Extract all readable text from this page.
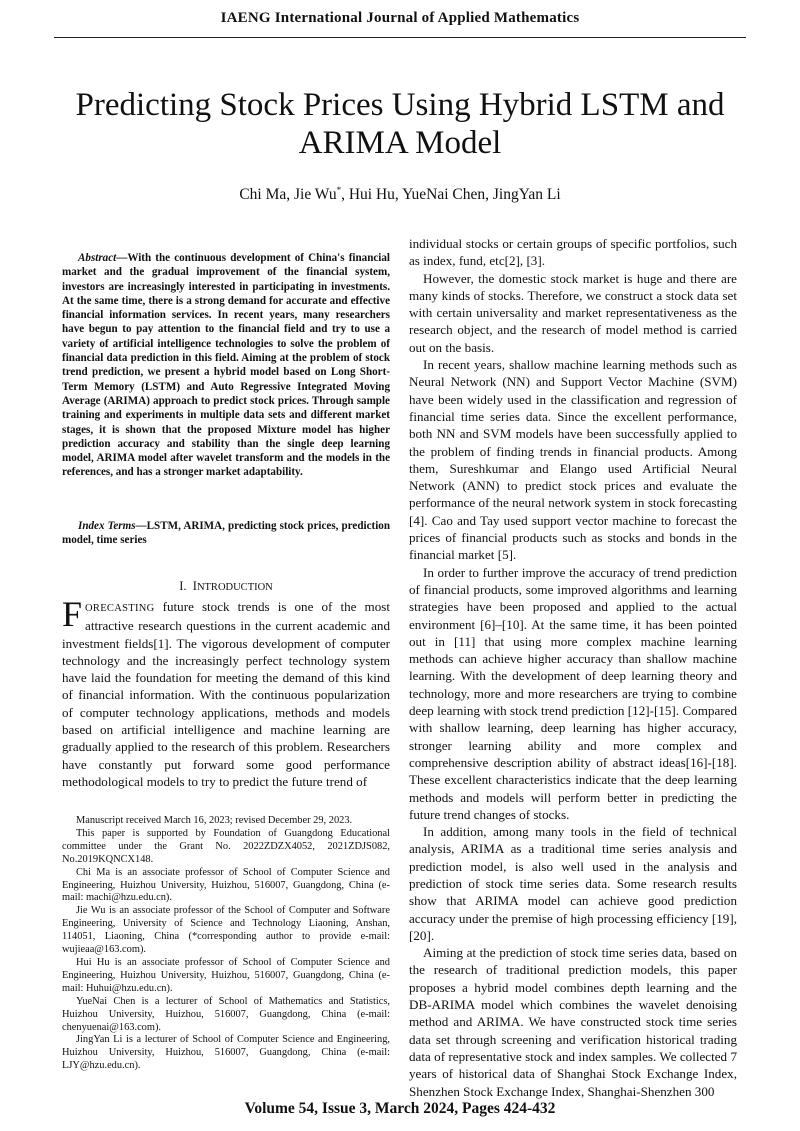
IAENG International Journal of Applied Mathematics
Predicting Stock Prices Using Hybrid LSTM and ARIMA Model
Chi Ma, Jie Wu*, Hui Hu, YueNai Chen, JingYan Li
Abstract—With the continuous development of China's financial market and the gradual improvement of the financial system, investors are increasingly interested in participating in investments. At the same time, there is a strong demand for accurate and effective financial information services. In recent years, many researchers have begun to pay attention to the financial field and try to use a variety of artificial intelligence technologies to solve the problem of financial data prediction in this field. Aiming at the problem of stock trend prediction, we present a hybrid model based on Long Short-Term Memory (LSTM) and Auto Regressive Integrated Moving Average (ARIMA) approach to predict stock prices. Through sample training and experiments in multiple data sets and different market stages, it is shown that the proposed Mixture model has higher prediction accuracy and stability than the single deep learning model, ARIMA model after wavelet transform and the models in the references, and has a stronger market adaptability.
Index Terms—LSTM, ARIMA, predicting stock prices, prediction model, time series
I. INTRODUCTION
FORECASTING future stock trends is one of the most attractive research questions in the current academic and investment fields[1]. The vigorous development of computer technology and the increasingly perfect technology system have laid the foundation for meeting the demand of this kind of financial information. With the continuous popularization of computer technology applications, methods and models based on artificial intelligence and machine learning are gradually applied to the research of this problem. Researchers have constantly put forward some good performance methodological models to try to predict the future trend of

Manuscript received March 16, 2023; revised December 29, 2023.

This paper is supported by Foundation of Guangdong Educational committee under the Grant No. 2022ZDZX4052, 2021ZDJS082, No.2019KQNCX148.

Chi Ma is an associate professor of School of Computer Science and Engineering, Huizhou University, Huizhou, 516007, Guangdong, China (e-mail: machi@hzu.edu.cn).

Jie Wu is an associate professor of the School of Computer and Software Engineering, University of Science and Technology Liaoning, Anshan, 114051, Liaoning, China (*corresponding author to provide e-mail: wujieaa@163.com).

Hui Hu is an associate professor of School of Computer Science and Engineering, Huizhou University, Huizhou, 516007, Guangdong, China (e-mail: Huhui@hzu.edu.cn).

YueNai Chen is a lecturer of School of Mathematics and Statistics, Huizhou University, Huizhou, 516007, Guangdong, China (e-mail: chenyuenai@163.com).

JingYan Li is a lecturer of School of Computer Science and Engineering, Huizhou University, Huizhou, 516007, Guangdong, China (e-mail: LJY@hzu.edu.cn).

individual stocks or certain groups of specific portfolios, such as index, fund, etc[2], [3].

However, the domestic stock market is huge and there are many kinds of stocks. Therefore, we construct a stock data set with certain universality and market representativeness as the research object, and the research of model method is carried out on the basis.

In recent years, shallow machine learning methods such as Neural Network (NN) and Support Vector Machine (SVM) have been widely used in the classification and regression of financial time series data. Since the excellent performance, both NN and SVM models have been successfully applied to the problem of finding trends in financial products. Among them, Sureshkumar and Elango used Artificial Neural Network (ANN) to predict stock prices and evaluate the performance of the neural network system in stock forecasting [4]. Cao and Tay used support vector machine to forecast the prices of financial products such as stocks and bonds in the financial market [5].

In order to further improve the accuracy of trend prediction of financial products, some improved algorithms and learning strategies have been proposed and applied to the actual environment [6]–[10]. At the same time, it has been pointed out in [11] that using more complex machine learning methods can achieve higher accuracy than shallow machine learning. With the development of deep learning theory and technology, more and more researchers are trying to combine deep learning with stock trend prediction [12]-[15]. Compared with shallow learning, deep learning has higher accuracy, stronger learning ability and more complex and comprehensive description ability of abstract ideas[16]-[18]. These excellent characteristics indicate that the deep learning methods and models will perform better in predicting the future trend changes of stocks.

In addition, among many tools in the field of technical analysis, ARIMA as a traditional time series analysis and prediction model, is also well used in the analysis and prediction of stock time series data. Some research results show that ARIMA model can achieve good prediction accuracy under the premise of high processing efficiency [19], [20].

Aiming at the prediction of stock time series data, based on the research of traditional prediction models, this paper proposes a hybrid model combines depth learning and the DB-ARIMA model which combines the wavelet denoising method and ARIMA. We have constructed stock time series data set through screening and verification historical trading data of representative stock and index samples. We collected 7 years of historical data of Shanghai Stock Exchange Index, Shenzhen Stock Exchange Index, Shanghai-Shenzhen 300

Volume 54, Issue 3, March 2024, Pages 424-432
